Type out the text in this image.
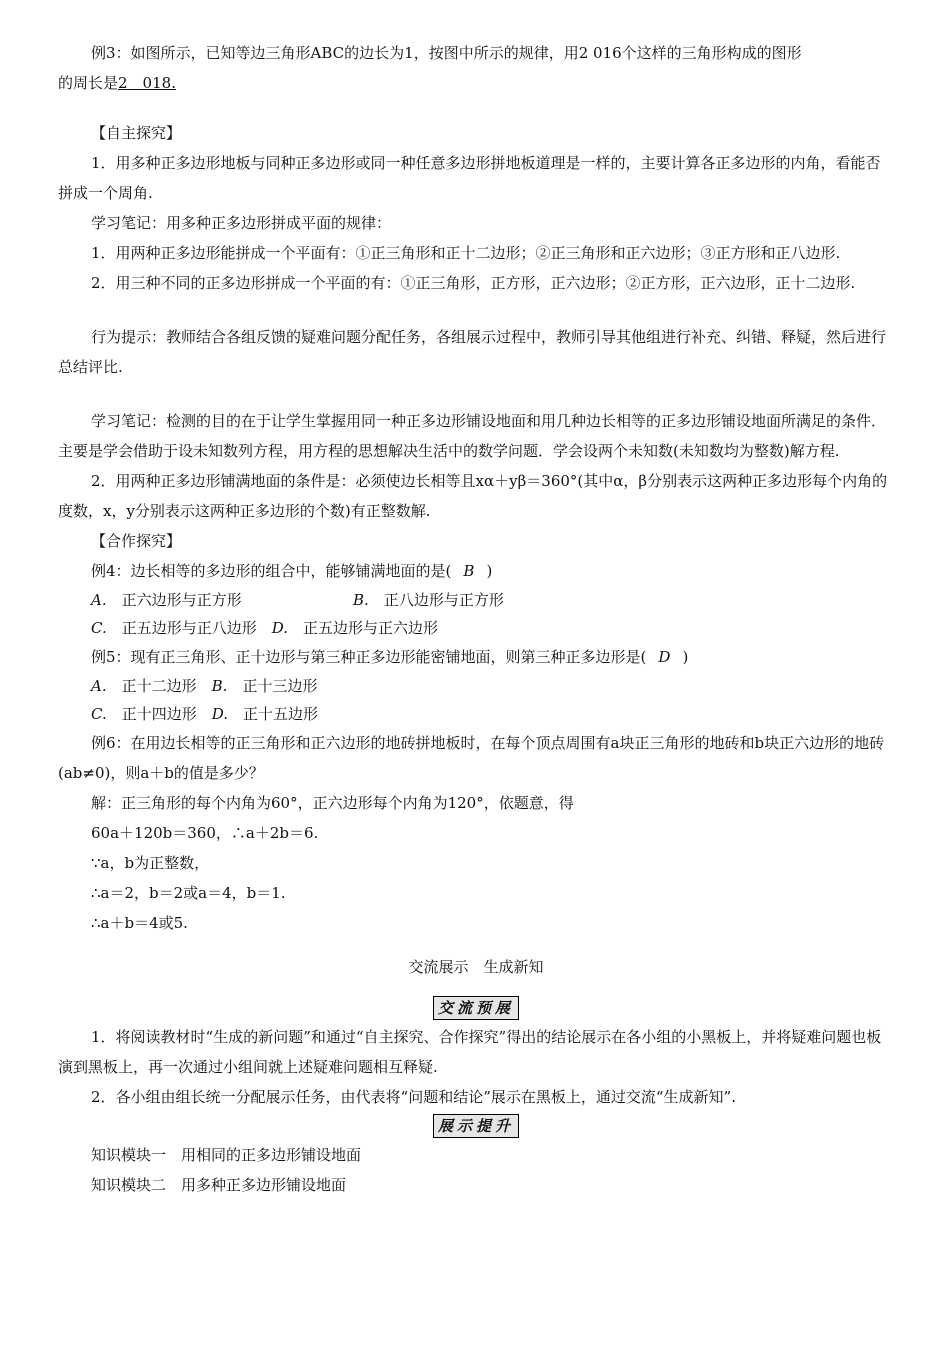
例3：如图所示，已知等边三角形ABC的边长为1，按图中所示的规律，用2 016个这样的三角形构成的图形

的周长是2　018.

【自主探究】

1．用多种正多边形地板与同种正多边形或同一种任意多边形拼地板道理是一样的，主要计算各正多边形的内角，看能否拼成一个周角.

学习笔记：用多种正多边形拼成平面的规律：

1．用两种正多边形能拼成一个平面有：①正三角形和正十二边形；②正三角形和正六边形；③正方形和正八边形.

2．用三种不同的正多边形拼成一个平面的有：①正三角形，正方形，正六边形；②正方形，正六边形，正十二边形.

行为提示：教师结合各组反馈的疑难问题分配任务，各组展示过程中，教师引导其他组进行补充、纠错、释疑，然后进行总结评比.

学习笔记：检测的目的在于让学生掌握用同一种正多边形铺设地面和用几种边长相等的正多边形铺设地面所满足的条件．主要是学会借助于设未知数列方程，用方程的思想解决生活中的数学问题．学会设两个未知数(未知数均为整数)解方程.

2．用两种正多边形铺满地面的条件是：必须使边长相等且xα＋yβ＝360°(其中α，β分别表示这两种正多边形每个内角的度数，x，y分别表示这两种正多边形的个数)有正整数解.

【合作探究】

例4：边长相等的多边形的组合中，能够铺满地面的是( B )

A.　 正六边形与正方形	B.　 正八边形与正方形
C.　 正五边形与正八边形　 D.　 正五边形与正六边形

例5：现有正三角形、正十边形与第三种正多边形能密铺地面，则第三种正多边形是( D )

A.　 正十二边形　 B.　 正十三边形
C.　 正十四边形　 D.　 正十五边形

例6：在用边长相等的正三角形和正六边形的地砖拼地板时，在每个顶点周围有a块正三角形的地砖和b块正六边形的地砖(ab≠0)，则a＋b的值是多少？

解：正三角形的每个内角为60°，正六边形每个内角为120°，依题意，得

60a＋120b＝360，∴a＋2b＝6.

∵a，b为正整数，

∴a＝2，b＝2或a＝4，b＝1.

∴a＋b＝4或5.

交流展示　生成新知

交流预展

1．将阅读教材时“生成的新问题”和通过“自主探究、合作探究”得出的结论展示在各小组的小黑板上，并将疑难问题也板演到黑板上，再一次通过小组间就上述疑难问题相互释疑.

2．各小组由组长统一分配展示任务，由代表将“问题和结论”展示在黑板上，通过交流“生成新知”.

展示提升

知识模块一　用相同的正多边形铺设地面

知识模块二　用多种正多边形铺设地面
